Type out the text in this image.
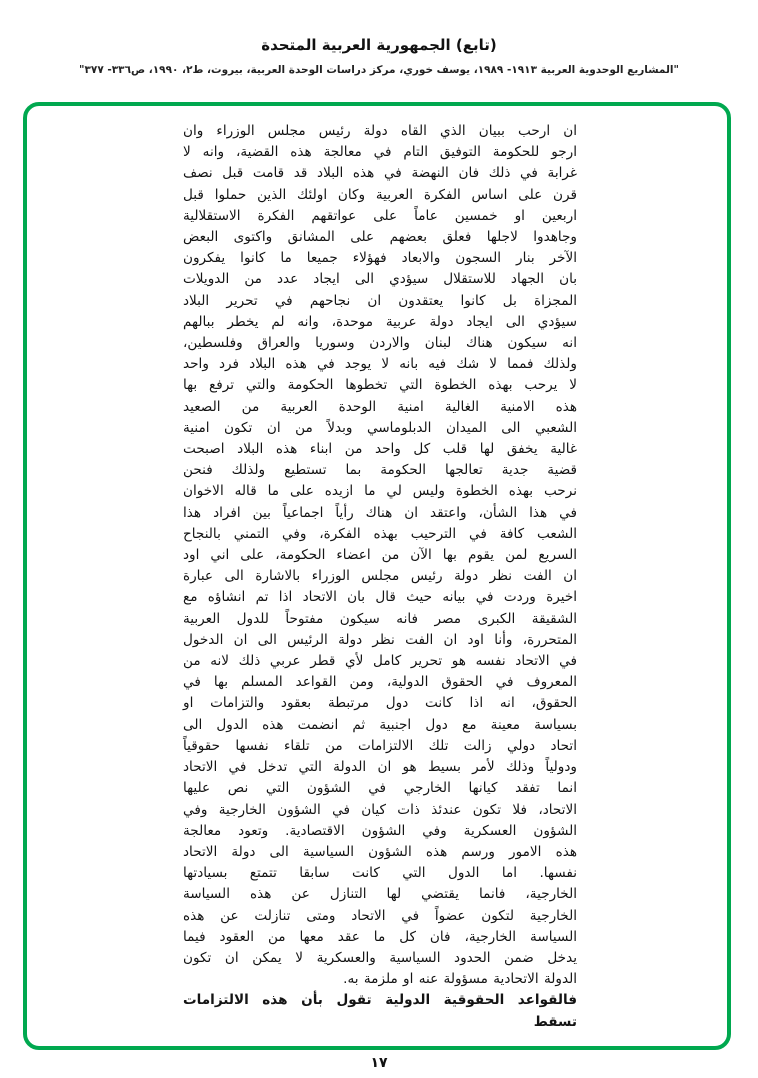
(تابع) الجمهورية العربية المتحدة
"المشاريع الوحدوية العربية ١٩١٣- ١٩٨٩، يوسف خوري، مركز دراسات الوحدة العربية، بيروت، ط٢، ١٩٩٠، ص٣٣٦- ٣٧٧"
ان ارحب ببيان الذي القاه دولة رئيس مجلس الوزراء وان
ارجو للحكومة التوفيق التام في معالجة هذه القضية، وانه لا
غرابة في ذلك فان النهضة في هذه البلاد قد قامت قبل نصف
قرن على اساس الفكرة العربية وكان اولئك الذين حملوا قبل
اربعين او خمسين عاماً على عواتقهم الفكرة الاستقلالية
وجاهدوا لاجلها فعلق بعضهم على المشانق واكتوى البعض
الآخر بنار السجون والابعاد فهؤلاء جميعا ما كانوا يفكرون
بان الجهاد للاستقلال سيؤدي الى ايجاد عدد من الدويلات
المجزاة بل كانوا يعتقدون ان نجاحهم في تحرير البلاد
سيؤدي الى ايجاد دولة عربية موحدة، وانه لم يخطر ببالهم
انه سيكون هناك لبنان والاردن وسوريا والعراق وفلسطين،
ولذلك فمما لا شك فيه بانه لا يوجد في هذه البلاد فرد واحد
لا يرحب بهذه الخطوة التي تخطوها الحكومة والتي ترفع بها
هذه الامنية الغالية امنية الوحدة العربية من الصعيد
الشعبي الى الميدان الدبلوماسي وبدلاً من ان تكون امنية
غالية يخفق لها قلب كل واحد من ابناء هذه البلاد اصبحت
قضية جدية تعالجها الحكومة بما تستطيع ولذلك فنحن
نرحب بهذه الخطوة وليس لي ما ازيده على ما قاله الاخوان
في هذا الشأن، واعتقد ان هناك رأياً اجماعياً بين افراد هذا
الشعب كافة في الترحيب بهذه الفكرة، وفي التمني بالنجاح
السريع لمن يقوم بها الآن من اعضاء الحكومة، على اني اود
ان الفت نظر دولة رئيس مجلس الوزراء بالاشارة الى عبارة
اخيرة وردت في بيانه حيث قال بان الاتحاد اذا تم انشاؤه مع
الشقيقة الكبرى مصر فانه سيكون مفتوحاً للدول العربية
المتحررة، وأنا اود ان الفت نظر دولة الرئيس الى ان الدخول
في الاتحاد نفسه هو تحرير كامل لأي قطر عربي ذلك لانه من
المعروف في الحقوق الدولية، ومن القواعد المسلم بها في
الحقوق، انه اذا كانت دول مرتبطة بعقود والتزامات او
بسياسة معينة مع دول اجنبية ثم انضمت هذه الدول الى
اتحاد دولي زالت تلك الالتزامات من تلقاء نفسها حقوقياً
ودولياً وذلك لأمر بسيط هو ان الدولة التي تدخل في الاتحاد
انما تفقد كيانها الخارجي في الشؤون التي نص عليها
الاتحاد، فلا تكون عندئذ ذات كيان في الشؤون الخارجية وفي
الشؤون العسكرية وفي الشؤون الاقتصادية. وتعود معالجة
هذه الامور ورسم هذه الشؤون السياسية الى دولة الاتحاد
نفسها. اما الدول التي كانت سابقا تتمتع بسيادتها
الخارجية، فانما يقتضي لها التنازل عن هذه السياسة
الخارجية لتكون عضواً في الاتحاد ومتى تنازلت عن هذه
السياسة الخارجية، فان كل ما عقد معها من العقود فيما
يدخل ضمن الحدود السياسية والعسكرية لا يمكن ان تكون
الدولة الاتحادية مسؤولة عنه او ملزمة به.
فالقواعد الحقوقية الدولية تقول بأن هذه الالتزامات تسقط
١٧
